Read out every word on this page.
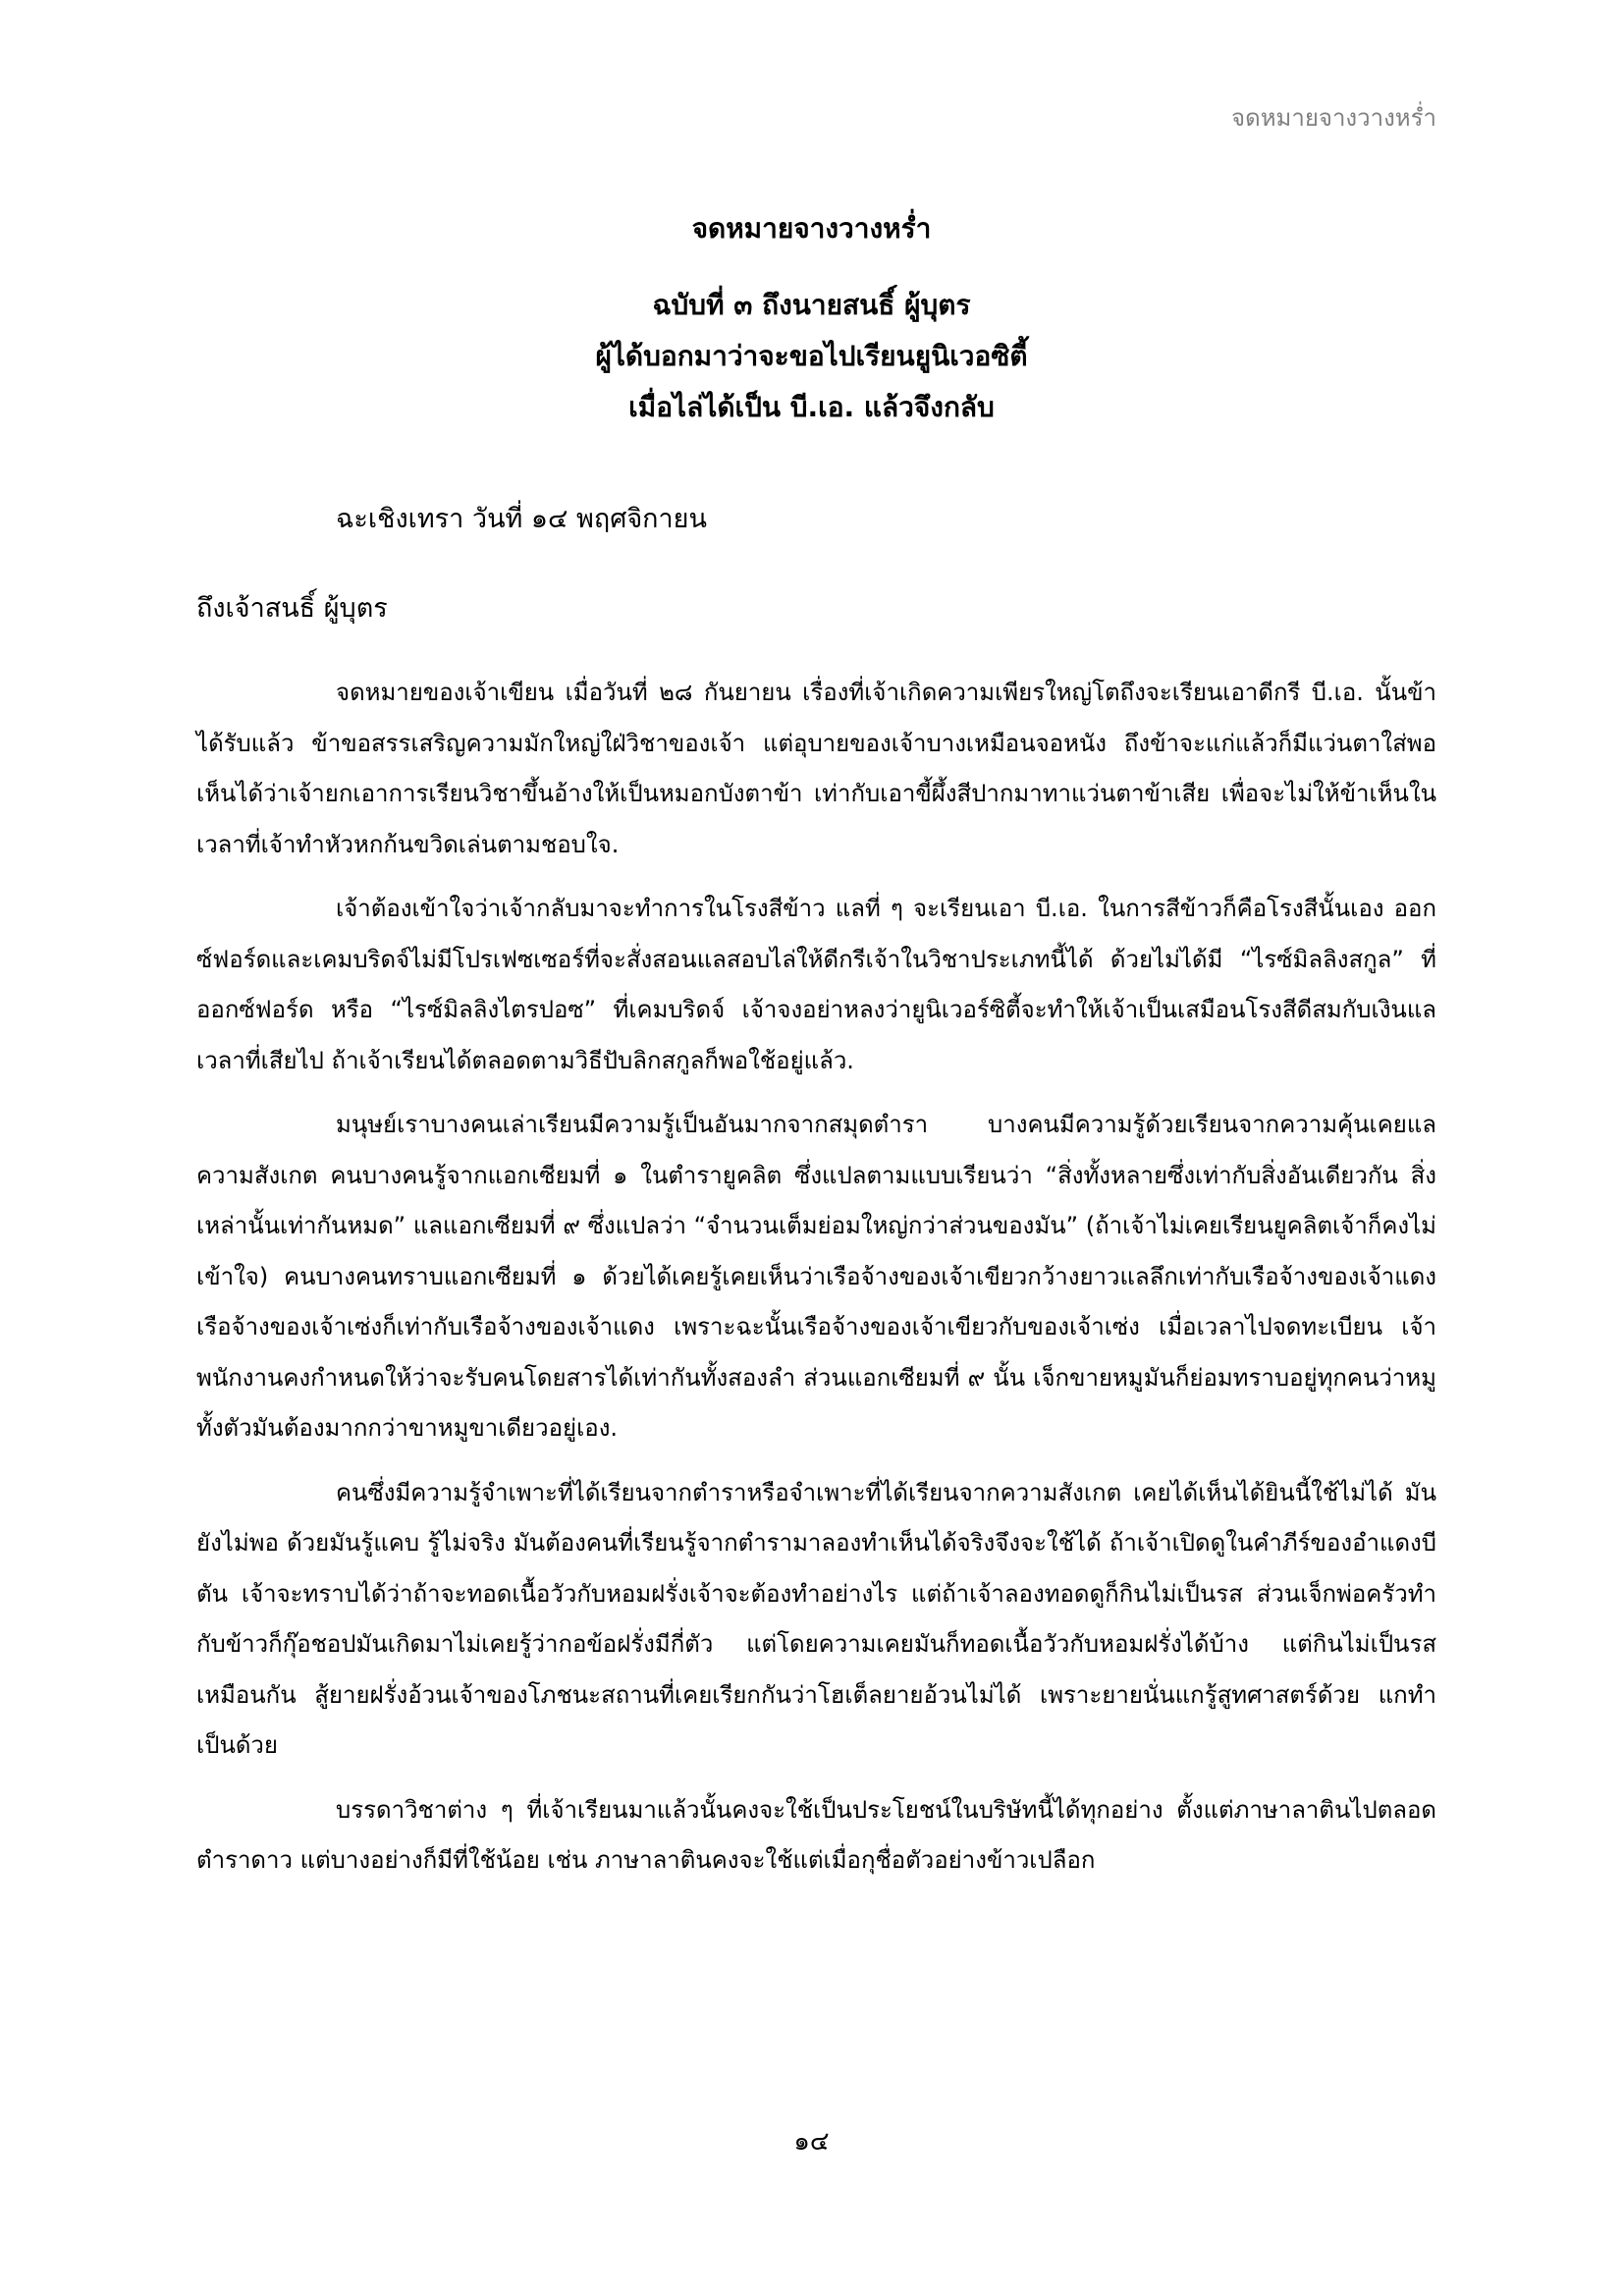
จดหมายจางวางหร่ำ
จดหมายจางวางหร่ำ
ฉบับที่ ๓ ถึงนายสนธิ์ ผู้บุตร
ผู้ได้บอกมาว่าจะขอไปเรียนยูนิเวอซิตี้
เมื่อไล่ได้เป็น บี.เอ. แล้วจึงกลับ
ฉะเชิงเทรา วันที่ ๑๔ พฤศจิกายน
ถึงเจ้าสนธิ์ ผู้บุตร

จดหมายของเจ้าเขียน เมื่อวันที่ ๒๘ กันยายน เรื่องที่เจ้าเกิดความเพียรใหญ่โตถึงจะเรียนเอาดีกรี บี.เอ. นั้นข้าได้รับแล้ว ข้าขอสรรเสริญความมักใหญ่ใฝ่วิชาของเจ้า แต่อุบายของเจ้าบางเหมือนจอหนัง ถึงข้าจะแก่แล้วก็มีแว่นตาใส่พอเห็นได้ว่าเจ้ายกเอาการเรียนวิชาขึ้นอ้างให้เป็นหมอกบังตาข้า เท่ากับเอาขี้ผึ้งสีปากมาทาแว่นตาข้าเสีย เพื่อจะไม่ให้ข้าเห็นในเวลาที่เจ้าทำหัวหกก้นขวิดเล่นตามชอบใจ.

เจ้าต้องเข้าใจว่าเจ้ากลับมาจะทำการในโรงสีข้าว แลที่ ๆ จะเรียนเอา บี.เอ. ในการสีข้าวก็คือโรงสีนั้นเอง ออกซ์ฟอร์ดและเคมบริดจ์ไม่มีโปรเฟซเซอร์ที่จะสั่งสอนแลสอบไล่ให้ดีกรีเจ้าในวิชาประเภทนี้ได้ ด้วยไม่ได้มี “ไรซ์มิลลิงสกูล” ที่ออกซ์ฟอร์ด หรือ “ไรซ์มิลลิงไตรปอซ” ที่เคมบริดจ์ เจ้าจงอย่าหลงว่ายูนิเวอร์ซิตี้จะทำให้เจ้าเป็นเสมือนโรงสีดีสมกับเงินแลเวลาที่เสียไป ถ้าเจ้าเรียนได้ตลอดตามวิธีปับลิกสกูลก็พอใช้อยู่แล้ว.

มนุษย์เราบางคนเล่าเรียนมีความรู้เป็นอันมากจากสมุดตำรา บางคนมีความรู้ด้วยเรียนจากความคุ้นเคยแลความสังเกต คนบางคนรู้จากแอกเซียมที่ ๑ ในตำรายูคลิต ซึ่งแปลตามแบบเรียนว่า “สิ่งทั้งหลายซึ่งเท่ากับสิ่งอันเดียวกัน สิ่งเหล่านั้นเท่ากันหมด” แลแอกเซียมที่ ๙ ซึ่งแปลว่า “จำนวนเต็มย่อมใหญ่กว่าส่วนของมัน” (ถ้าเจ้าไม่เคยเรียนยูคลิตเจ้าก็คงไม่เข้าใจ) คนบางคนทราบแอกเซียมที่ ๑ ด้วยได้เคยรู้เคยเห็นว่าเรือจ้างของเจ้าเขียวกว้างยาวแลลึกเท่ากับเรือจ้างของเจ้าแดง เรือจ้างของเจ้าเซ่งก็เท่ากับเรือจ้างของเจ้าแดง เพราะฉะนั้นเรือจ้างของเจ้าเขียวกับของเจ้าเซ่ง เมื่อเวลาไปจดทะเบียน เจ้าพนักงานคงกำหนดให้ว่าจะรับคนโดยสารได้เท่ากันทั้งสองลำ ส่วนแอกเซียมที่ ๙ นั้น เจ็กขายหมูมันก็ย่อมทราบอยู่ทุกคนว่าหมูทั้งตัวมันต้องมากกว่าขาหมูขาเดียวอยู่เอง.

คนซึ่งมีความรู้จำเพาะที่ได้เรียนจากตำราหรือจำเพาะที่ได้เรียนจากความสังเกต เคยได้เห็นได้ยินนี้ใช้ไม่ได้ มันยังไม่พอ ด้วยมันรู้แคบ รู้ไม่จริง มันต้องคนที่เรียนรู้จากตำรามาลองทำเห็นได้จริงจึงจะใช้ได้ ถ้าเจ้าเปิดดูในคำภีร์ของอำแดงบีตัน เจ้าจะทราบได้ว่าถ้าจะทอดเนื้อวัวกับหอมฝรั่งเจ้าจะต้องทำอย่างไร แต่ถ้าเจ้าลองทอดดูก็กินไม่เป็นรส ส่วนเจ็กพ่อครัวทำกับข้าวก็กุ๊อชอปมันเกิดมาไม่เคยรู้ว่ากอข้อฝรั่งมีกี่ตัว แต่โดยความเคยมันก็ทอดเนื้อวัวกับหอมฝรั่งได้บ้าง แต่กินไม่เป็นรสเหมือนกัน สู้ยายฝรั่งอ้วนเจ้าของโภชนะสถานที่เคยเรียกกันว่าโฮเต็ลยายอ้วนไม่ได้ เพราะยายนั่นแกรู้สูทศาสตร์ด้วย แกทำเป็นด้วย

บรรดาวิชาต่าง ๆ ที่เจ้าเรียนมาแล้วนั้นคงจะใช้เป็นประโยชน์ในบริษัทนี้ได้ทุกอย่าง ตั้งแต่ภาษาลาตินไปตลอดตำราดาว แต่บางอย่างก็มีที่ใช้น้อย เช่น ภาษาลาตินคงจะใช้แต่เมื่อกุชื่อตัวอย่างข้าวเปลือก

๑๔
